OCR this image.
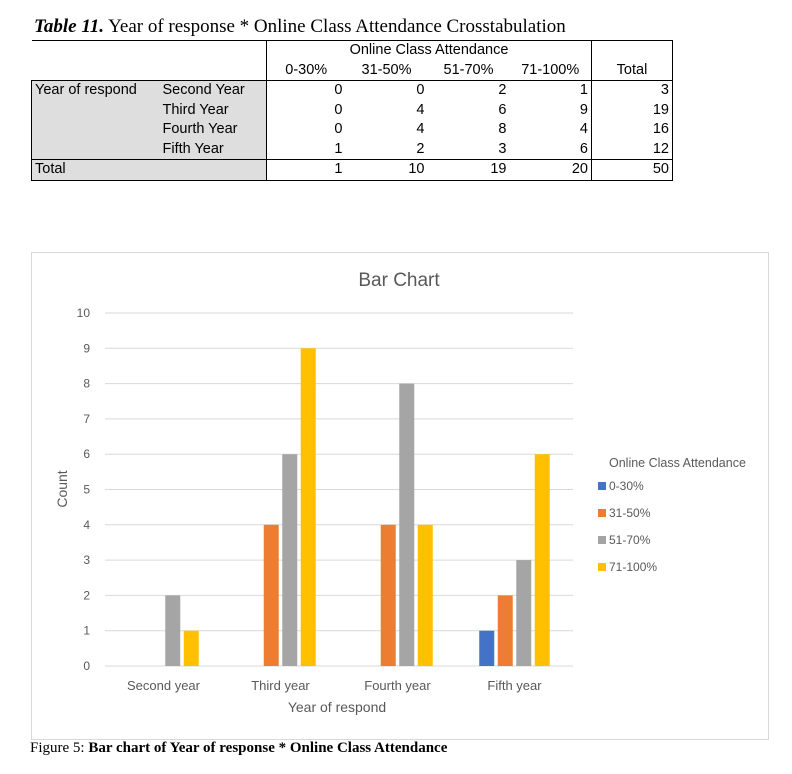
Table 11. Year of response * Online Class Attendance Crosstabulation
		Online Class Attendance				Total
		0-30%	31-50%	51-70%	71-100%	
Year of respond	Second Year	0	0	2	1	3
	Third Year	0	4	6	9	19
	Fourth Year	0	4	8	4	16
	Fifth Year	1	2	3	6	12
Total		1	10	19	20	50
Bar Chart
0
1
2
3
4
5
6
7
8
9
10
Second year	Third year	Fourth year	Fifth year
Year of respond
Count
Online Class Attendance
0-30%
31-50%
51-70%
71-100%
Figure 5: Bar chart of Year of response * Online Class Attendance
